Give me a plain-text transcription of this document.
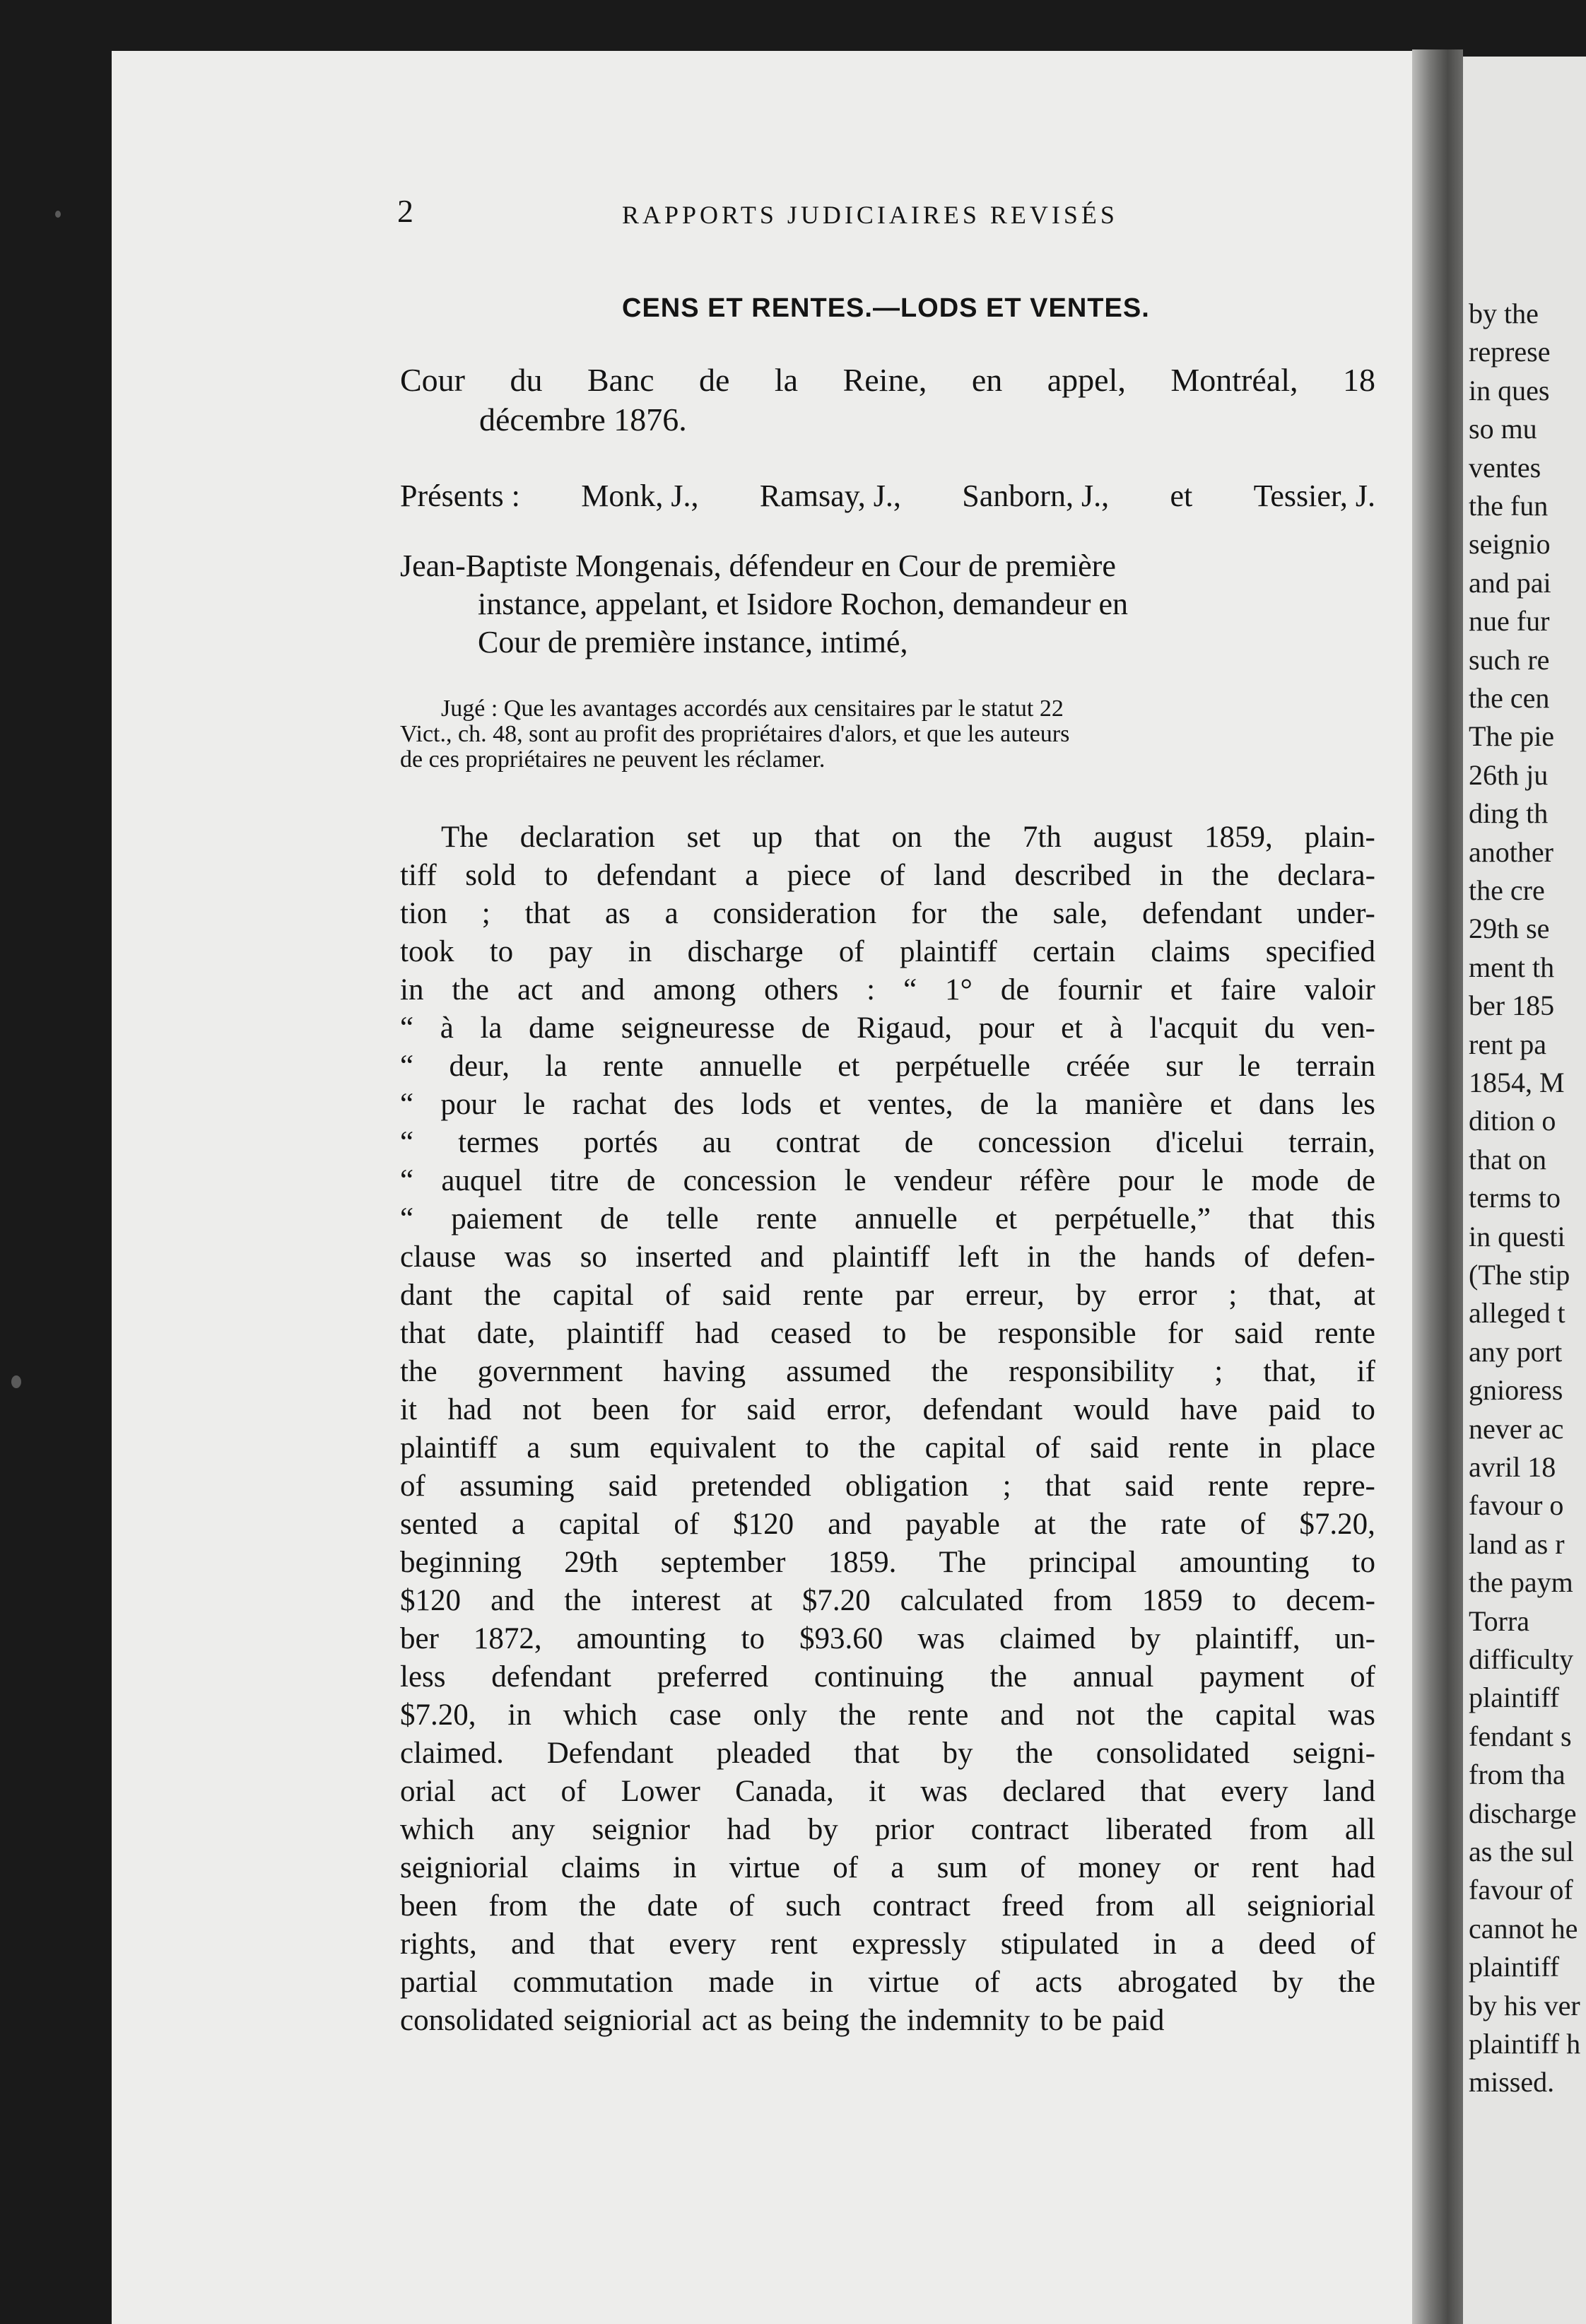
2	RAPPORTS JUDICIAIRES REVISÉS
CENS ET RENTES.—LODS ET VENTES.
Cour du Banc de la Reine, en appel, Montréal, 18
décembre 1876.
Présents : Monk, J., Ramsay, J., Sanborn, J., et Tessier, J.
Jean-Baptiste Mongenais, défendeur en Cour de première
instance, appelant, et Isidore Rochon, demandeur en
Cour de première instance, intimé,
Jugé : Que les avantages accordés aux censitaires par le statut 22
Vict., ch. 48, sont au profit des propriétaires d'alors, et que les auteurs
de ces propriétaires ne peuvent les réclamer.
The declaration set up that on the 7th august 1859, plain-
tiff sold to defendant a piece of land described in the declara-
tion ; that as a consideration for the sale, defendant under-
took to pay in discharge of plaintiff certain claims specified
in the act and among others : “ 1° de fournir et faire valoir
“ à la dame seigneuresse de Rigaud, pour et à l'acquit du ven-
“ deur, la rente annuelle et perpétuelle créée sur le terrain
“ pour le rachat des lods et ventes, de la manière et dans les
“ termes portés au contrat de concession d'icelui terrain,
“ auquel titre de concession le vendeur réfère pour le mode de
“ paiement de telle rente annuelle et perpétuelle,” that this
clause was so inserted and plaintiff left in the hands of defen-
dant the capital of said rente par erreur, by error ; that, at
that date, plaintiff had ceased to be responsible for said rente
the government having assumed the responsibility ; that, if
it had not been for said error, defendant would have paid to
plaintiff a sum equivalent to the capital of said rente in place
of assuming said pretended obligation ; that said rente repre-
sented a capital of $120 and payable at the rate of $7.20,
beginning 29th september 1859. The principal amounting to
$120 and the interest at $7.20 calculated from 1859 to decem-
ber 1872, amounting to $93.60 was claimed by plaintiff, un-
less defendant preferred continuing the annual payment of
$7.20, in which case only the rente and not the capital was
claimed. Defendant pleaded that by the consolidated seigni-
orial act of Lower Canada, it was declared that every land
which any seignior had by prior contract liberated from all
seigniorial claims in virtue of a sum of money or rent had
been from the date of such contract freed from all seigniorial
rights, and that every rent expressly stipulated in a deed of
partial commutation made in virtue of acts abrogated by the
consolidated seigniorial act as being the indemnity to be paid
by the
represe
in ques
so mu
ventes
the fun
seignio
and pai
nue fur
such re
the cen
The pie
26th ju
ding th
another
the cre
29th se
ment th
ber 185
rent pa
1854, M
dition o
that on
terms to
in questi
(The stip
alleged t
any port
gnioress
never ac
avril 18
favour o
land as r
the paym
Torra
difficulty
plaintiff
fendant s
from tha
discharge
as the sul
favour of
cannot he
plaintiff
by his ver
plaintiff h
missed.
